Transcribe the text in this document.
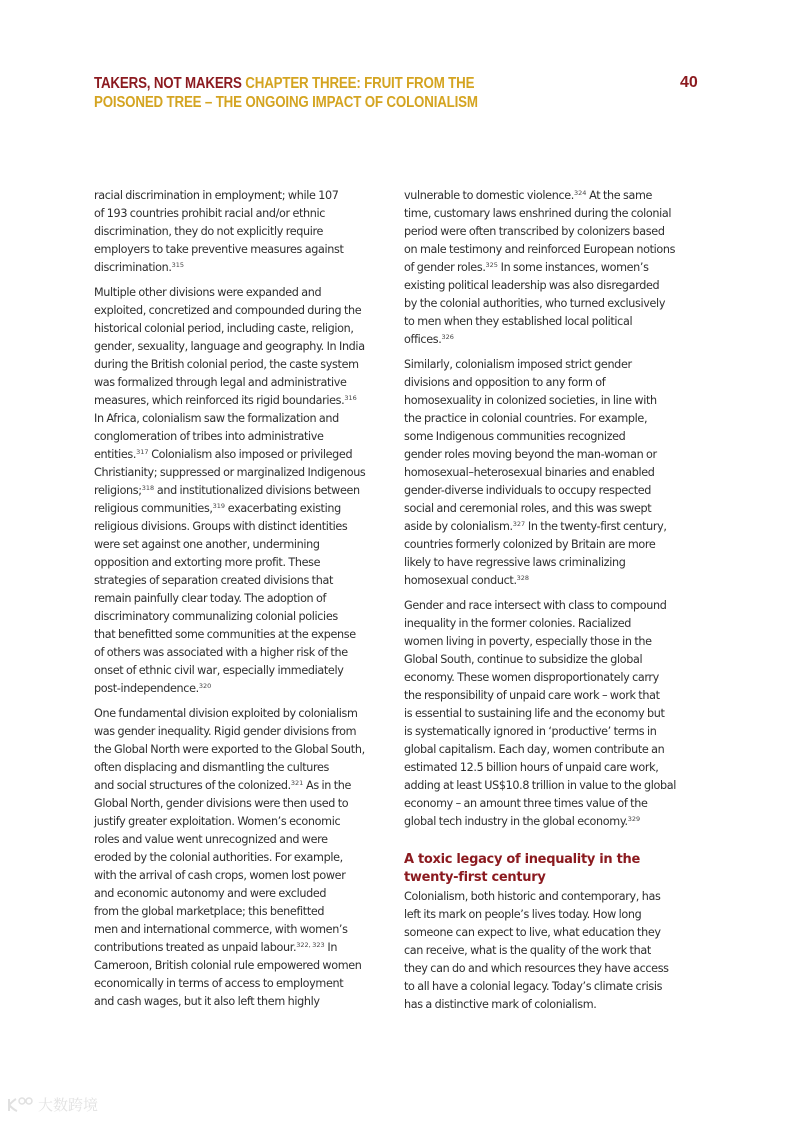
TAKERS, NOT MAKERS CHAPTER THREE: FRUIT FROM THE POISONED TREE – THE ONGOING IMPACT OF COLONIALISM
40

racial discrimination in employment; while 107
of 193 countries prohibit racial and/or ethnic
discrimination, they do not explicitly require
employers to take preventive measures against
discrimination.$^{315}$

Multiple other divisions were expanded and
exploited, concretized and compounded during the
historical colonial period, including caste, religion,
gender, sexuality, language and geography. In India
during the British colonial period, the caste system
was formalized through legal and administrative
measures, which reinforced its rigid boundaries.$^{316}$
In Africa, colonialism saw the formalization and
conglomeration of tribes into administrative
entities.$^{317}$ Colonialism also imposed or privileged
Christianity; suppressed or marginalized Indigenous
religions;$^{318}$ and institutionalized divisions between
religious communities,$^{319}$ exacerbating existing
religious divisions. Groups with distinct identities
were set against one another, undermining
opposition and extorting more profit. These
strategies of separation created divisions that
remain painfully clear today. The adoption of
discriminatory communalizing colonial policies
that benefitted some communities at the expense
of others was associated with a higher risk of the
onset of ethnic civil war, especially immediately
post-independence.$^{320}$

One fundamental division exploited by colonialism
was gender inequality. Rigid gender divisions from
the Global North were exported to the Global South,
often displacing and dismantling the cultures
and social structures of the colonized.$^{321}$ As in the
Global North, gender divisions were then used to
justify greater exploitation. Women’s economic
roles and value went unrecognized and were
eroded by the colonial authorities. For example,
with the arrival of cash crops, women lost power
and economic autonomy and were excluded
from the global marketplace; this benefitted
men and international commerce, with women’s
contributions treated as unpaid labour.$^{322, 323}$ In
Cameroon, British colonial rule empowered women
economically in terms of access to employment
and cash wages, but it also left them highly

vulnerable to domestic violence.$^{324}$ At the same
time, customary laws enshrined during the colonial
period were often transcribed by colonizers based
on male testimony and reinforced European notions
of gender roles.$^{325}$ In some instances, women’s
existing political leadership was also disregarded
by the colonial authorities, who turned exclusively
to men when they established local political
offices.$^{326}$

Similarly, colonialism imposed strict gender
divisions and opposition to any form of
homosexuality in colonized societies, in line with
the practice in colonial countries. For example,
some Indigenous communities recognized
gender roles moving beyond the man-woman or
homosexual–heterosexual binaries and enabled
gender-diverse individuals to occupy respected
social and ceremonial roles, and this was swept
aside by colonialism.$^{327}$ In the twenty-first century,
countries formerly colonized by Britain are more
likely to have regressive laws criminalizing
homosexual conduct.$^{328}$

Gender and race intersect with class to compound
inequality in the former colonies. Racialized
women living in poverty, especially those in the
Global South, continue to subsidize the global
economy. These women disproportionately carry
the responsibility of unpaid care work – work that
is essential to sustaining life and the economy but
is systematically ignored in ‘productive’ terms in
global capitalism. Each day, women contribute an
estimated 12.5 billion hours of unpaid care work,
adding at least US$10.8 trillion in value to the global
economy – an amount three times value of the
global tech industry in the global economy.$^{329}$

A toxic legacy of inequality in the
twenty-first century

Colonialism, both historic and contemporary, has
left its mark on people’s lives today. How long
someone can expect to live, what education they
can receive, what is the quality of the work that
they can do and which resources they have access
to all have a colonial legacy. Today’s climate crisis
has a distinctive mark of colonialism.

大数跨境
